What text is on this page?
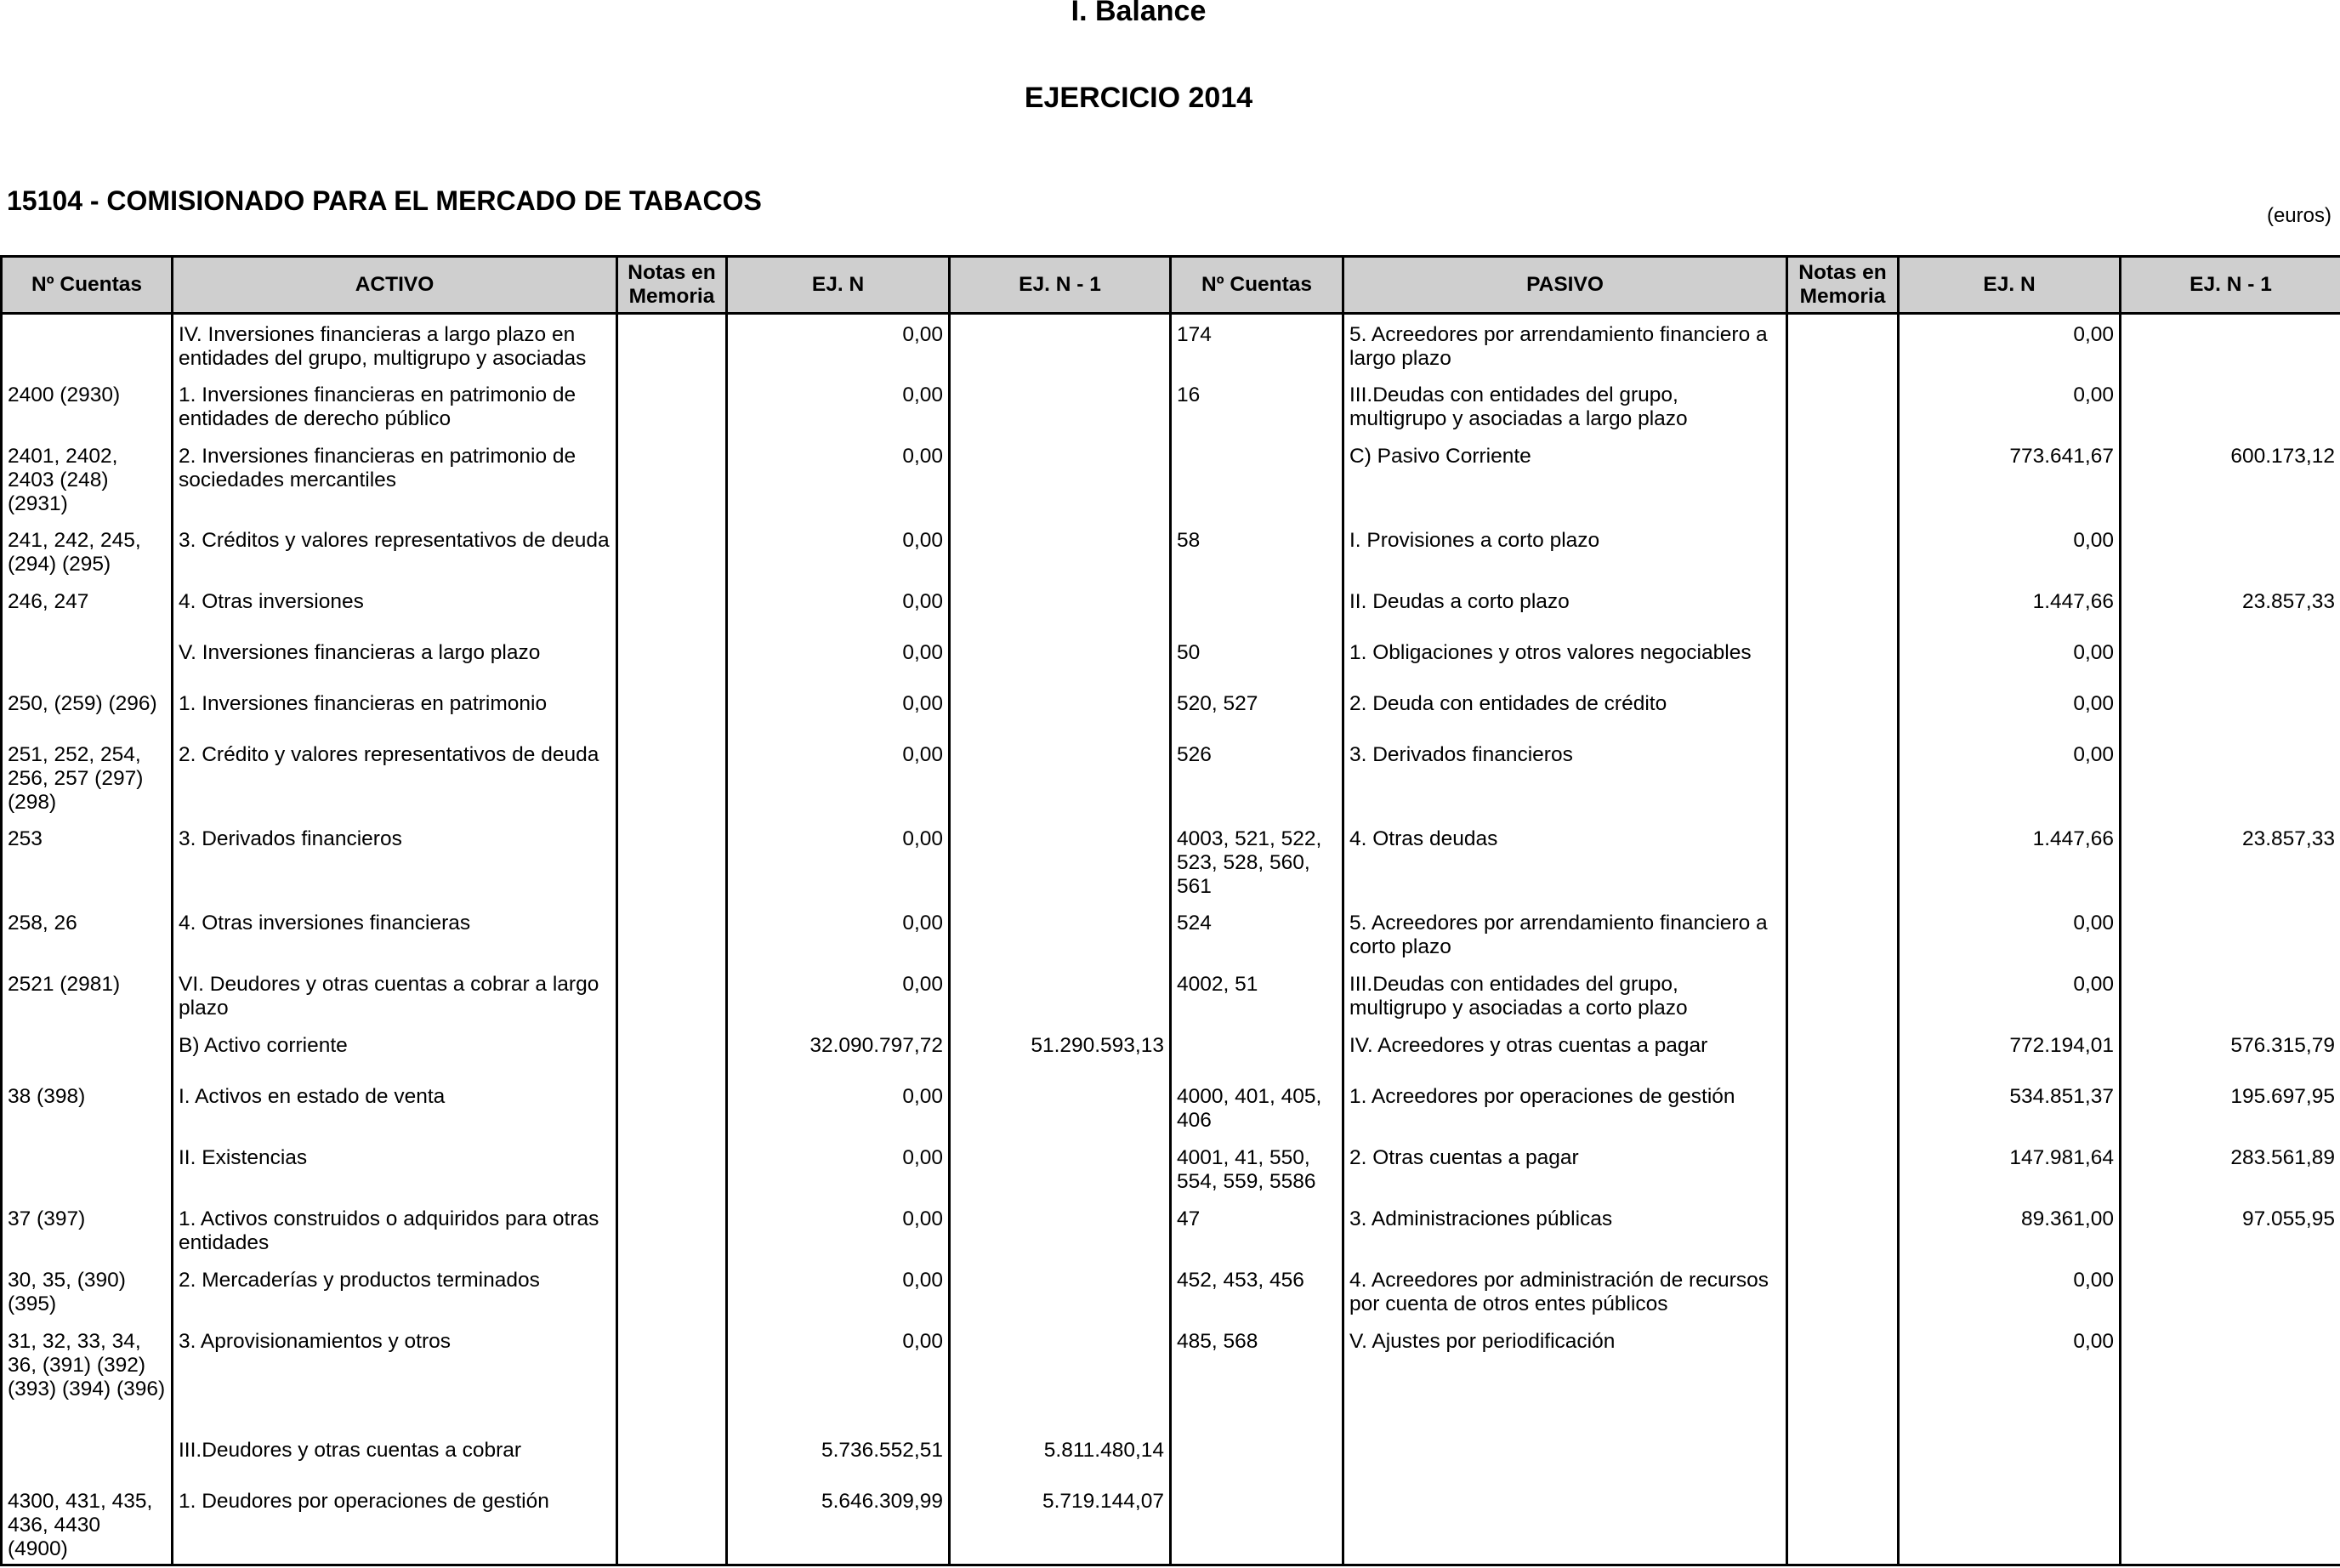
I. Balance
EJERCICIO 2014
15104 - COMISIONADO PARA EL MERCADO DE TABACOS	(euros)
Nº Cuentas	ACTIVO	Notas en Memoria	EJ. N	EJ. N - 1	Nº Cuentas	PASIVO	Notas en Memoria	EJ. N	EJ. N - 1
	IV. Inversiones financieras a largo plazo en entidades del grupo, multigrupo y asociadas		0,00		174	5. Acreedores por arrendamiento financiero a largo plazo		0,00	
2400 (2930)	1. Inversiones financieras en patrimonio de entidades de derecho público		0,00		16	III.Deudas con entidades del grupo, multigrupo y asociadas a largo plazo		0,00	
2401, 2402, 2403 (248) (2931)	2. Inversiones financieras en patrimonio de sociedades mercantiles		0,00			C) Pasivo Corriente		773.641,67	600.173,12
241, 242, 245, (294) (295)	3. Créditos y valores representativos de deuda		0,00		58	I. Provisiones a corto plazo		0,00	
246, 247	4. Otras inversiones		0,00			II. Deudas a corto plazo		1.447,66	23.857,33
	V. Inversiones financieras a largo plazo		0,00		50	1. Obligaciones y otros valores negociables		0,00	
250, (259) (296)	1. Inversiones financieras en patrimonio		0,00		520, 527	2. Deuda con entidades de crédito		0,00	
251, 252, 254, 256, 257 (297) (298)	2. Crédito y valores representativos de deuda		0,00		526	3. Derivados financieros		0,00	
253	3. Derivados financieros		0,00		4003, 521, 522, 523, 528, 560, 561	4. Otras deudas		1.447,66	23.857,33
258, 26	4. Otras inversiones financieras		0,00		524	5. Acreedores por arrendamiento financiero a corto plazo		0,00	
2521 (2981)	VI. Deudores y otras cuentas a cobrar a largo plazo		0,00		4002, 51	III.Deudas con entidades del grupo, multigrupo y asociadas a corto plazo		0,00	
	B) Activo corriente		32.090.797,72	51.290.593,13		IV. Acreedores y otras cuentas a pagar		772.194,01	576.315,79
38 (398)	I. Activos en estado de venta		0,00		4000, 401, 405, 406	1. Acreedores por operaciones de gestión		534.851,37	195.697,95
	II. Existencias		0,00		4001, 41, 550, 554, 559, 5586	2. Otras cuentas a pagar		147.981,64	283.561,89
37 (397)	1. Activos construidos o adquiridos para otras entidades		0,00		47	3. Administraciones públicas		89.361,00	97.055,95
30, 35, (390) (395)	2. Mercaderías y productos terminados		0,00		452, 453, 456	4. Acreedores por administración de recursos por cuenta de otros entes públicos		0,00	
31, 32, 33, 34, 36, (391) (392) (393) (394) (396)	3. Aprovisionamientos y otros		0,00		485, 568	V. Ajustes por periodificación		0,00	
	III.Deudores y otras cuentas a cobrar		5.736.552,51	5.811.480,14					
4300, 431, 435, 436, 4430 (4900)	1. Deudores por operaciones de gestión		5.646.309,99	5.719.144,07					
